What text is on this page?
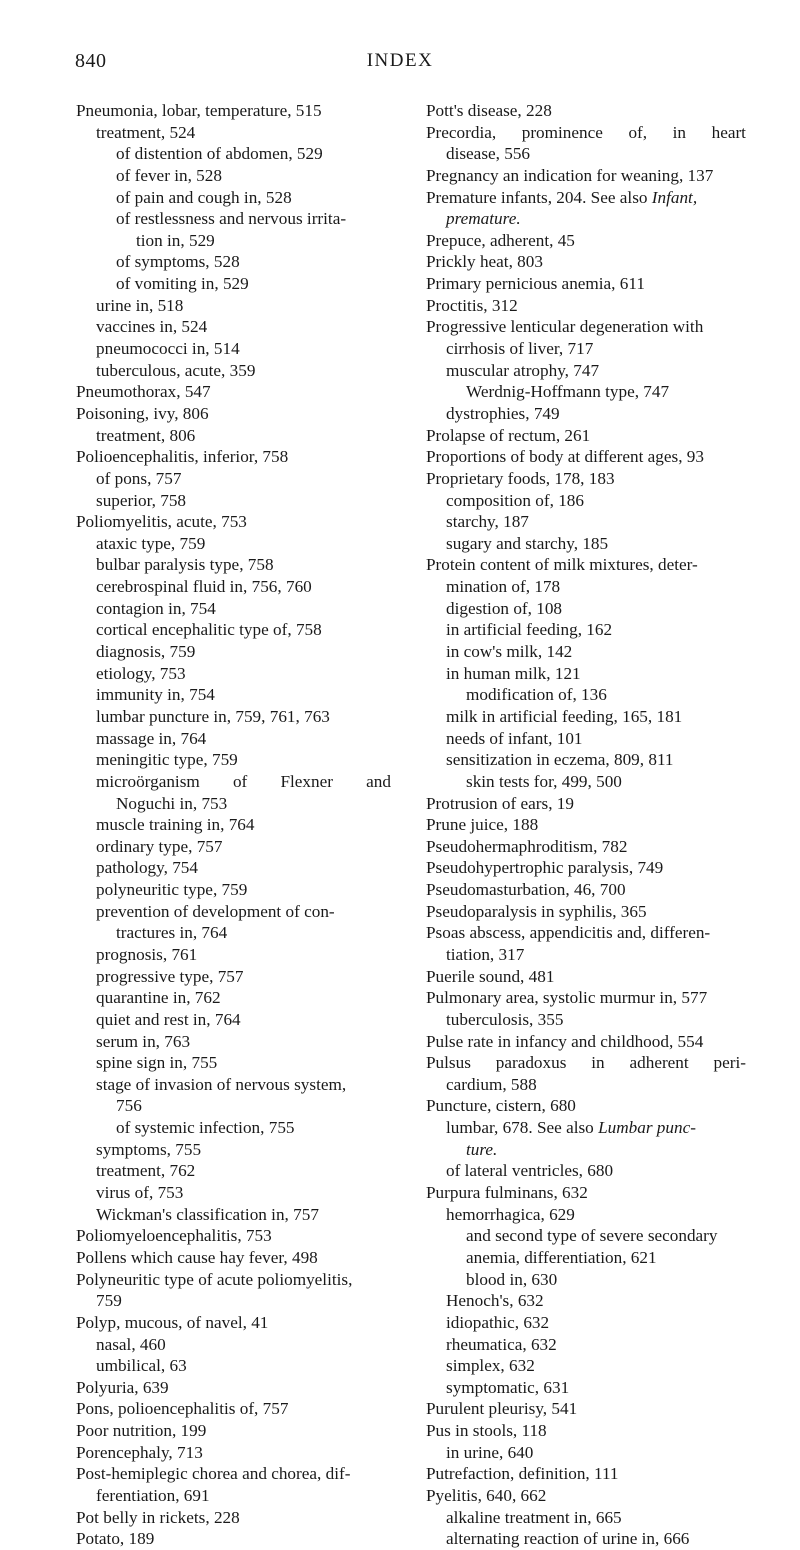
840	INDEX
Pneumonia, lobar, temperature, 515
treatment, 524
of distention of abdomen, 529
of fever in, 528
of pain and cough in, 528
of restlessness and nervous irrita-
tion in, 529
of symptoms, 528
of vomiting in, 529
urine in, 518
vaccines in, 524
pneumococci in, 514
tuberculous, acute, 359
Pneumothorax, 547
Poisoning, ivy, 806
treatment, 806
Polioencephalitis, inferior, 758
of pons, 757
superior, 758
Poliomyelitis, acute, 753
ataxic type, 759
bulbar paralysis type, 758
cerebrospinal fluid in, 756, 760
contagion in, 754
cortical encephalitic type of, 758
diagnosis, 759
etiology, 753
immunity in, 754
lumbar puncture in, 759, 761, 763
massage in, 764
meningitic type, 759
microörganism of Flexner and
Noguchi in, 753
muscle training in, 764
ordinary type, 757
pathology, 754
polyneuritic type, 759
prevention of development of con-
tractures in, 764
prognosis, 761
progressive type, 757
quarantine in, 762
quiet and rest in, 764
serum in, 763
spine sign in, 755
stage of invasion of nervous system,
756
of systemic infection, 755
symptoms, 755
treatment, 762
virus of, 753
Wickman's classification in, 757
Poliomyeloencephalitis, 753
Pollens which cause hay fever, 498
Polyneuritic type of acute poliomyelitis,
759
Polyp, mucous, of navel, 41
nasal, 460
umbilical, 63
Polyuria, 639
Pons, polioencephalitis of, 757
Poor nutrition, 199
Porencephaly, 713
Post-hemiplegic chorea and chorea, dif-
ferentiation, 691
Pot belly in rickets, 228
Potato, 189
Pott's disease, 228
Precordia, prominence of, in heart
disease, 556
Pregnancy an indication for weaning, 137
Premature infants, 204. See also Infant,
premature.
Prepuce, adherent, 45
Prickly heat, 803
Primary pernicious anemia, 611
Proctitis, 312
Progressive lenticular degeneration with
cirrhosis of liver, 717
muscular atrophy, 747
Werdnig-Hoffmann type, 747
dystrophies, 749
Prolapse of rectum, 261
Proportions of body at different ages, 93
Proprietary foods, 178, 183
composition of, 186
starchy, 187
sugary and starchy, 185
Protein content of milk mixtures, deter-
mination of, 178
digestion of, 108
in artificial feeding, 162
in cow's milk, 142
in human milk, 121
modification of, 136
milk in artificial feeding, 165, 181
needs of infant, 101
sensitization in eczema, 809, 811
skin tests for, 499, 500
Protrusion of ears, 19
Prune juice, 188
Pseudohermaphroditism, 782
Pseudohypertrophic paralysis, 749
Pseudomasturbation, 46, 700
Pseudoparalysis in syphilis, 365
Psoas abscess, appendicitis and, differen-
tiation, 317
Puerile sound, 481
Pulmonary area, systolic murmur in, 577
tuberculosis, 355
Pulse rate in infancy and childhood, 554
Pulsus paradoxus in adherent peri-
cardium, 588
Puncture, cistern, 680
lumbar, 678. See also Lumbar punc-
ture.
of lateral ventricles, 680
Purpura fulminans, 632
hemorrhagica, 629
and second type of severe secondary
anemia, differentiation, 621
blood in, 630
Henoch's, 632
idiopathic, 632
rheumatica, 632
simplex, 632
symptomatic, 631
Purulent pleurisy, 541
Pus in stools, 118
in urine, 640
Putrefaction, definition, 111
Pyelitis, 640, 662
alkaline treatment in, 665
alternating reaction of urine in, 666
